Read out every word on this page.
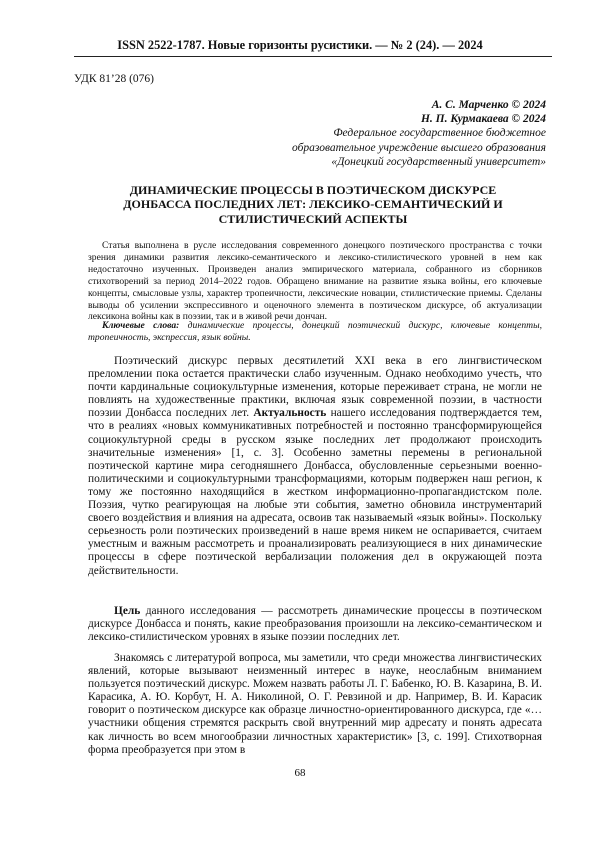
ISSN 2522-1787. Новые горизонты русистики. — № 2 (24). — 2024
УДК 81’28 (076)
А. С. Марченко © 2024
Н. П. Курмакаева © 2024
Федеральное государственное бюджетное
образовательное учреждение высшего образования
«Донецкий государственный университет»
ДИНАМИЧЕСКИЕ ПРОЦЕССЫ В ПОЭТИЧЕСКОМ ДИСКУРСЕ
ДОНБАССА ПОСЛЕДНИХ ЛЕТ: ЛЕКСИКО-СЕМАНТИЧЕСКИЙ И
СТИЛИСТИЧЕСКИЙ АСПЕКТЫ

Статья выполнена в русле исследования современного донецкого поэтического пространства с точки зрения динамики развития лексико-семантического и лексико-стилистического уровней в нем как недостаточно изученных. Произведен анализ эмпирического материала, собранного из сборников стихотворений за период 2014–2022 годов. Обращено внимание на развитие языка войны, его ключевые концепты, смысловые узлы, характер тропеичности, лексические новации, стилистические приемы. Сделаны выводы об усилении экспрессивного и оценочного элемента в поэтическом дискурсе, об актуализации лексикона войны как в поэзии, так и в живой речи дончан.

Ключевые слова: динамические процессы, донецкий поэтический дискурс, ключевые концепты, тропеичность, экспрессия, язык войны.

Поэтический дискурс первых десятилетий XXI века в его лингвистическом преломлении пока остается практически слабо изученным. Однако необходимо учесть, что почти кардинальные социокультурные изменения, которые переживает страна, не могли не повлиять на художественные практики, включая язык современной поэзии, в частности поэзии Донбасса последних лет. Актуальность нашего исследования подтверждается тем, что в реалиях «новых коммуникативных потребностей и постоянно трансформирующейся социокультурной среды в русском языке последних лет продолжают происходить значительные изменения» [1, с. 3]. Особенно заметны перемены в региональной поэтической картине мира сегодняшнего Донбасса, обусловленные серьезными военно-политическими и социокультурными трансформациями, которым подвержен наш регион, к тому же постоянно находящийся в жестком информационно-пропагандистском поле. Поэзия, чутко реагирующая на любые эти события, заметно обновила инструментарий своего воздействия и влияния на адресата, освоив так называемый «язык войны». Поскольку серьезность роли поэтических произведений в наше время никем не оспаривается, считаем уместным и важным рассмотреть и проанализировать реализующиеся в них динамические процессы в сфере поэтической вербализации положения дел в окружающей поэта действительности.

Цель данного исследования — рассмотреть динамические процессы в поэтическом дискурсе Донбасса и понять, какие преобразования произошли на лексико-семантическом и лексико-стилистическом уровнях в языке поэзии последних лет.

Знакомясь с литературой вопроса, мы заметили, что среди множества лингвистических явлений, которые вызывают неизменный интерес в науке, неослабным вниманием пользуется поэтический дискурс. Можем назвать работы Л. Г. Бабенко, Ю. В. Казарина, В. И. Карасика, А. Ю. Корбут, Н. А. Николиной, О. Г. Ревзиной и др. Например, В. И. Карасик говорит о поэтическом дискурсе как образце личностно-ориентированного дискурса, где «…участники общения стремятся раскрыть свой внутренний мир адресату и понять адресата как личность во всем многообразии личностных характеристик» [3, с. 199]. Стихотворная форма преобразуется при этом в

68
